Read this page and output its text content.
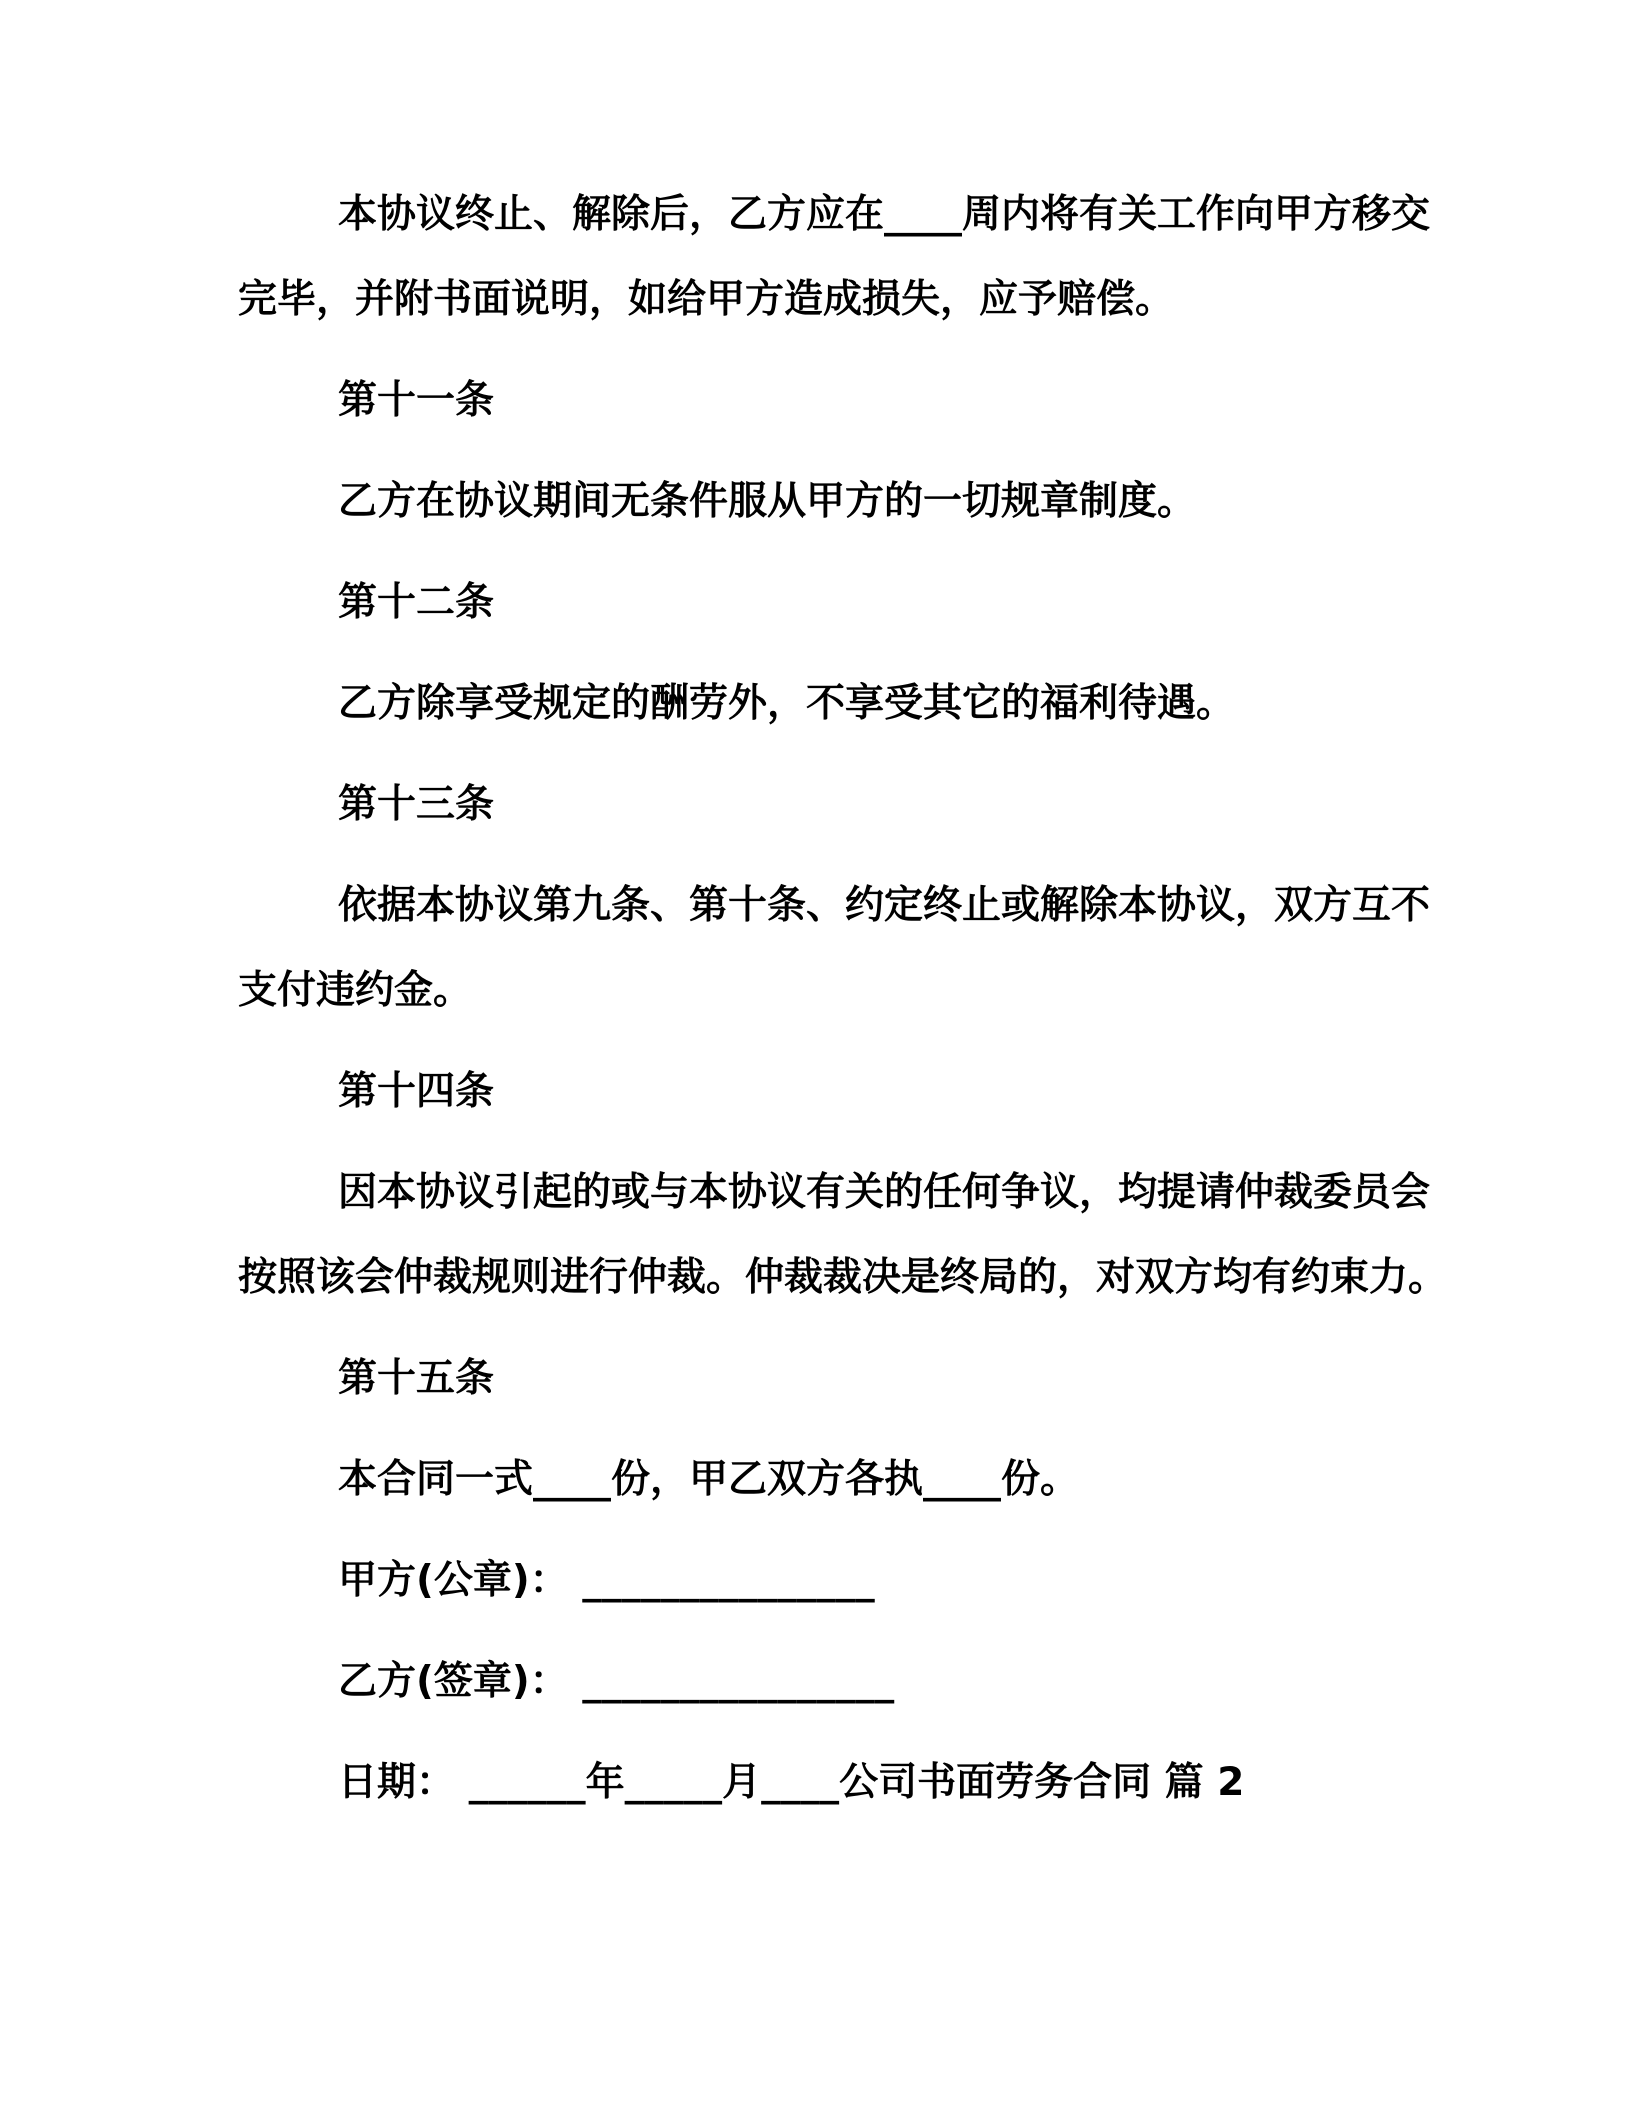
本协议终止、解除后，乙方应在____周内将有关工作向甲方移交完毕，并附书面说明，如给甲方造成损失，应予赔偿。

第十一条

乙方在协议期间无条件服从甲方的一切规章制度。

第十二条

乙方除享受规定的酬劳外，不享受其它的福利待遇。

第十三条

依据本协议第九条、第十条、约定终止或解除本协议，双方互不支付违约金。

第十四条

因本协议引起的或与本协议有关的任何争议，均提请仲裁委员会按照该会仲裁规则进行仲裁。仲裁裁决是终局的，对双方均有约束力。

第十五条

本合同一式____份，甲乙双方各执____份。

甲方(公章)： _______________

乙方(签章)： ________________

日期： ______年_____月____公司书面劳务合同 篇 2
